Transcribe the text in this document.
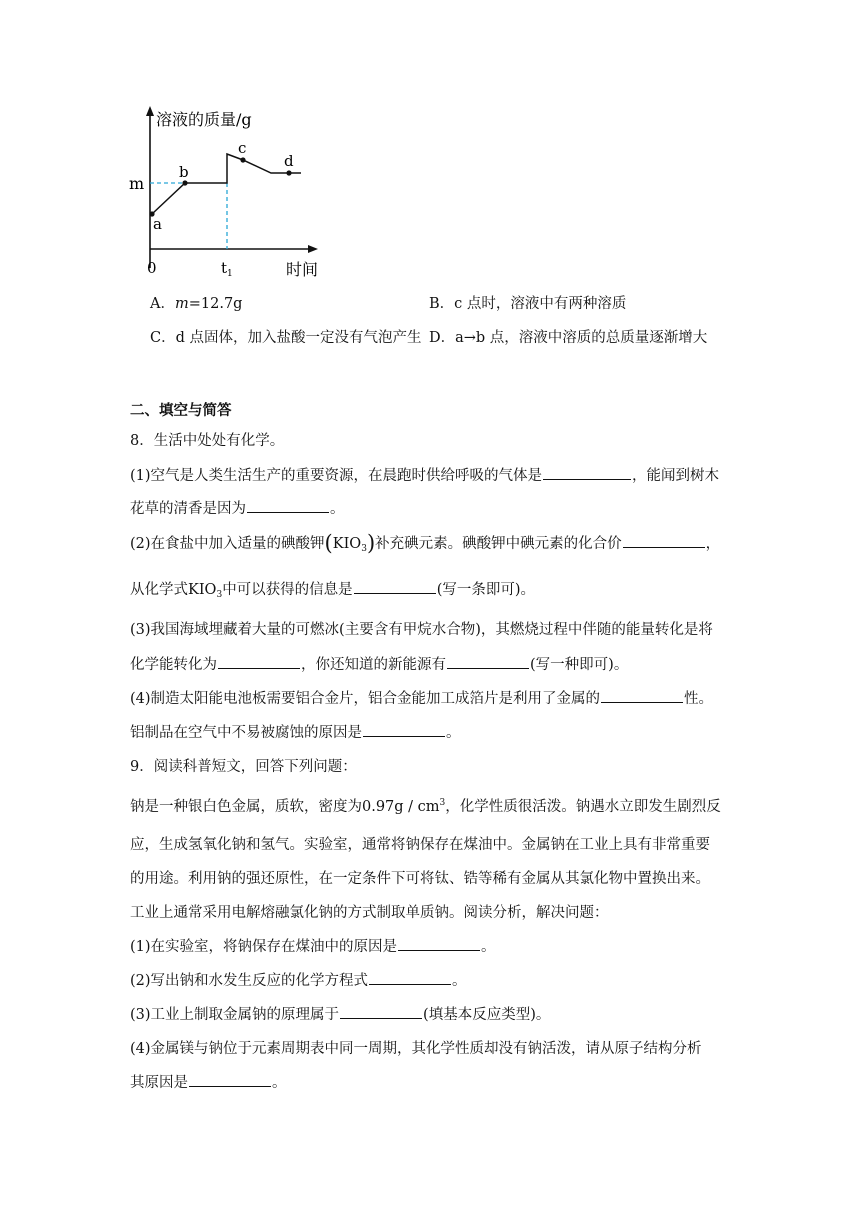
溶液的质量/g
时间
0
m
$t_1$
a
b
c
d
A．m=12.7g	B．c 点时，溶液中有两种溶质
C．d 点固体，加入盐酸一定没有气泡产生 D．a→b 点，溶液中溶质的总质量逐渐增大
二、填空与简答
8．生活中处处有化学。
(1)空气是人类生活生产的重要资源，在晨跑时供给呼吸的气体是	，能闻到树木
花草的清香是因为	。
(2)在食盐中加入适量的碘酸钾$(KIO_3)$补充碘元素。碘酸钾中碘元素的化合价	，
从化学式$KIO_3$中可以获得的信息是	(写一条即可)。
(3)我国海域埋藏着大量的可燃冰(主要含有甲烷水合物)，其燃烧过程中伴随的能量转化是将
化学能转化为	，你还知道的新能源有	(写一种即可)。
(4)制造太阳能电池板需要铝合金片，铝合金能加工成箔片是利用了金属的	性。
铝制品在空气中不易被腐蚀的原因是	。
9．阅读科普短文，回答下列问题：
钠是一种银白色金属，质软，密度为$0.97g / cm^3$，化学性质很活泼。钠遇水立即发生剧烈反
应，生成氢氧化钠和氢气。实验室，通常将钠保存在煤油中。金属钠在工业上具有非常重要
的用途。利用钠的强还原性，在一定条件下可将钛、锆等稀有金属从其氯化物中置换出来。
工业上通常采用电解熔融氯化钠的方式制取单质钠。阅读分析，解决问题：
(1)在实验室，将钠保存在煤油中的原因是	。
(2)写出钠和水发生反应的化学方程式	。
(3)工业上制取金属钠的原理属于	(填基本反应类型)。
(4)金属镁与钠位于元素周期表中同一周期，其化学性质却没有钠活泼，请从原子结构分析
其原因是	。
